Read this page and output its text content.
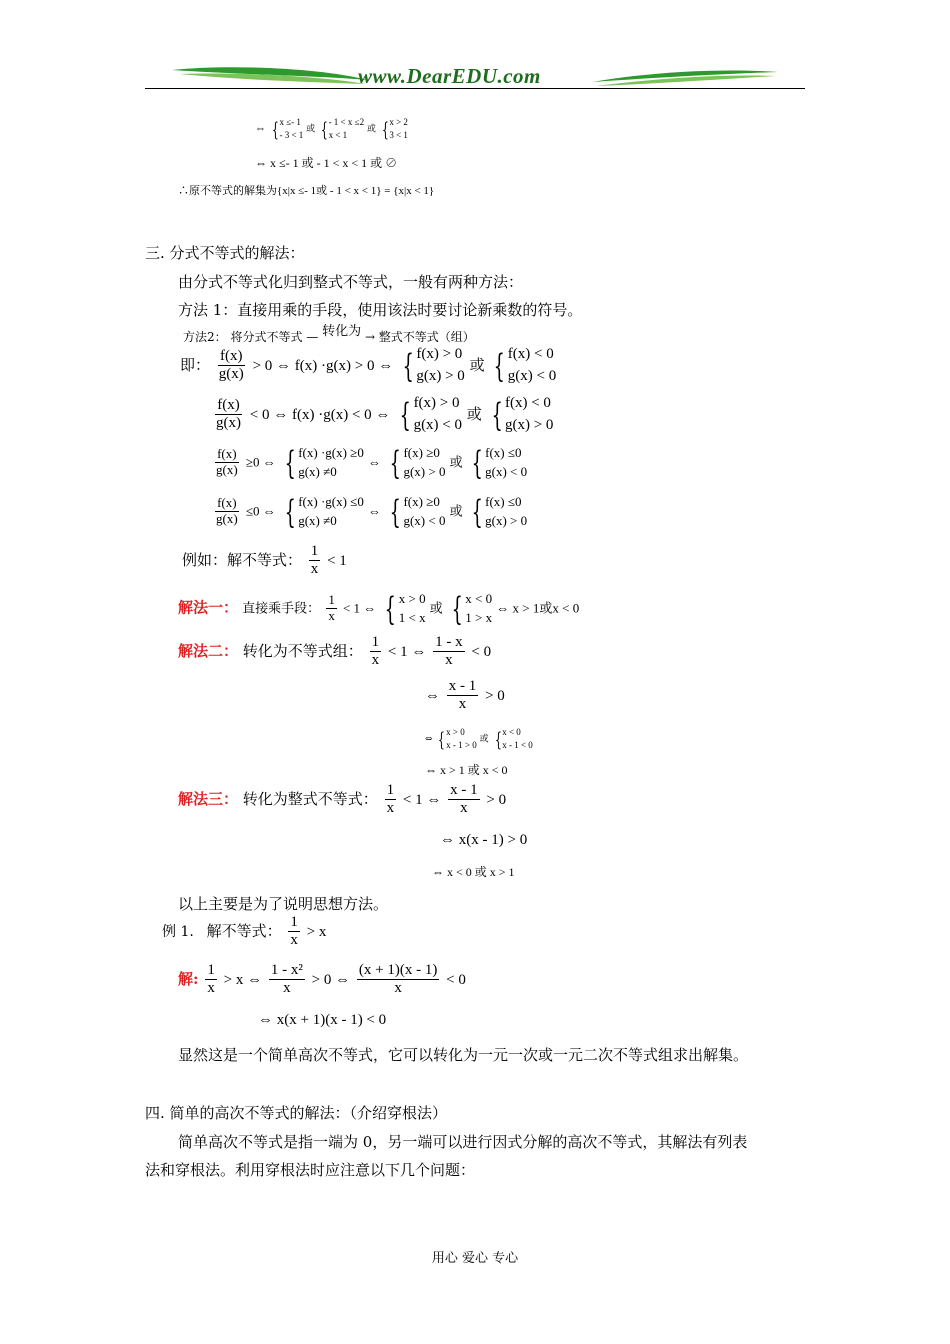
www.DearEDU.com
⇔ { x ≤- 1
- 3 < 1
或 { - 1 < x ≤2
x < 1
或 { x > 2
3 < 1
⇔ x ≤- 1 或 - 1 < x < 1 或 ⊘
∴原不等式的解集为{x|x ≤- 1或 - 1 < x < 1} = {x|x < 1}
三. 分式不等式的解法：
由分式不等式化归到整式不等式，一般有两种方法：
方法 1：直接用乘的手段，使用该法时要讨论新乘数的符号。
方法2： 将分式不等式 — 转化为 → 整式不等式（组）
即： $\frac{f(x)}{g(x)} > 0$ ⇔ f(x) ·g(x) > 0 ⇔ { f(x) > 0
g(x) > 0
或 { f(x) < 0
g(x) < 0
$\frac{f(x)}{g(x)} < 0$ ⇔ f(x) ·g(x) < 0 ⇔ { f(x) > 0
g(x) < 0
或 { f(x) < 0
g(x) > 0
$\frac{f(x)}{g(x)} \ge 0$ ⇔ { f(x) ·g(x) ≥0
g(x) ≠0
⇔ { f(x) ≥0
g(x) > 0
或 { f(x) ≤0
g(x) < 0
$\frac{f(x)}{g(x)} \le 0$ ⇔ { f(x) ·g(x) ≤0
g(x) ≠0
⇔ { f(x) ≥0
g(x) < 0
或 { f(x) ≤0
g(x) > 0
例如：解不等式： $\frac{1}{x} < 1$
解法一： 直接乘手段： $\frac{1}{x} < 1$ ⇔ { x > 0
1 < x
或 { x < 0
1 > x
⇔ x > 1或x < 0
解法二： 转化为不等式组： $\frac{1}{x} < 1$ ⇔ $\frac{1 - x}{x} < 0$
⇔ $\frac{x - 1}{x} > 0$
⇔ { x > 0
x - 1 > 0
或 { x < 0
x - 1 < 0
⇔ x > 1 或 x < 0
解法三： 转化为整式不等式： $\frac{1}{x} < 1$ ⇔ $\frac{x - 1}{x} > 0$
⇔ x(x - 1) > 0
⇔ x < 0 或 x > 1
以上主要是为了说明思想方法。
例 1. 解不等式： $\frac{1}{x} > x$
解: $\frac{1}{x} > x$ ⇔ $\frac{\text{1 - x²}}{x} > 0$ ⇔ $\frac{(x + 1)(x - 1)}{x} < 0$
⇔ x(x + 1)(x - 1) < 0
显然这是一个简单高次不等式，它可以转化为一元一次或一元二次不等式组求出解集。
四. 简单的高次不等式的解法：（介绍穿根法）
简单高次不等式是指一端为 0，另一端可以进行因式分解的高次不等式，其解法有列表
法和穿根法。利用穿根法时应注意以下几个问题：
用心 爱心 专心
